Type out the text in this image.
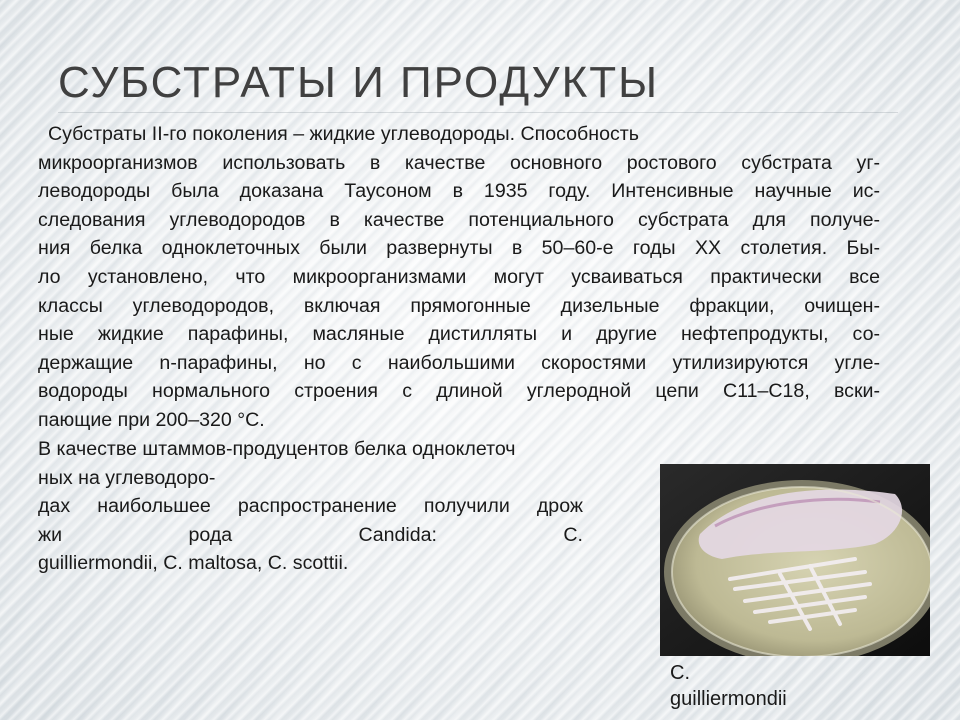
СУБСТРАТЫ И ПРОДУКТЫ
Субстраты II-го поколения – жидкие углеводороды. Способность
микроорганизмов использовать в качестве основного ростового субстрата уг-
леводороды была доказана Таусоном в 1935 году. Интенсивные научные ис-
следования углеводородов в качестве потенциального субстрата для получе-
ния белка одноклеточных были развернуты в 50–60-е годы XX столетия. Бы-
ло установлено, что микроорганизмами могут усваиваться практически все
классы углеводородов, включая прямогонные дизельные фракции, очищен-
ные жидкие парафины, масляные дистилляты и другие нефтепродукты, со-
держащие n-парафины, но с наибольшими скоростями утилизируются угле-
водороды нормального строения с длиной углеродной цепи С11–С18, вски-
пающие при 200–320 °С.
В качестве штаммов-продуцентов белка одноклеточ
ных на углеводоро-
дах наибольшее распространение получили дрож
жи рода Candida: C.
guilliermondii, C. maltosa, C. scottii.
C.
guilliermondii
